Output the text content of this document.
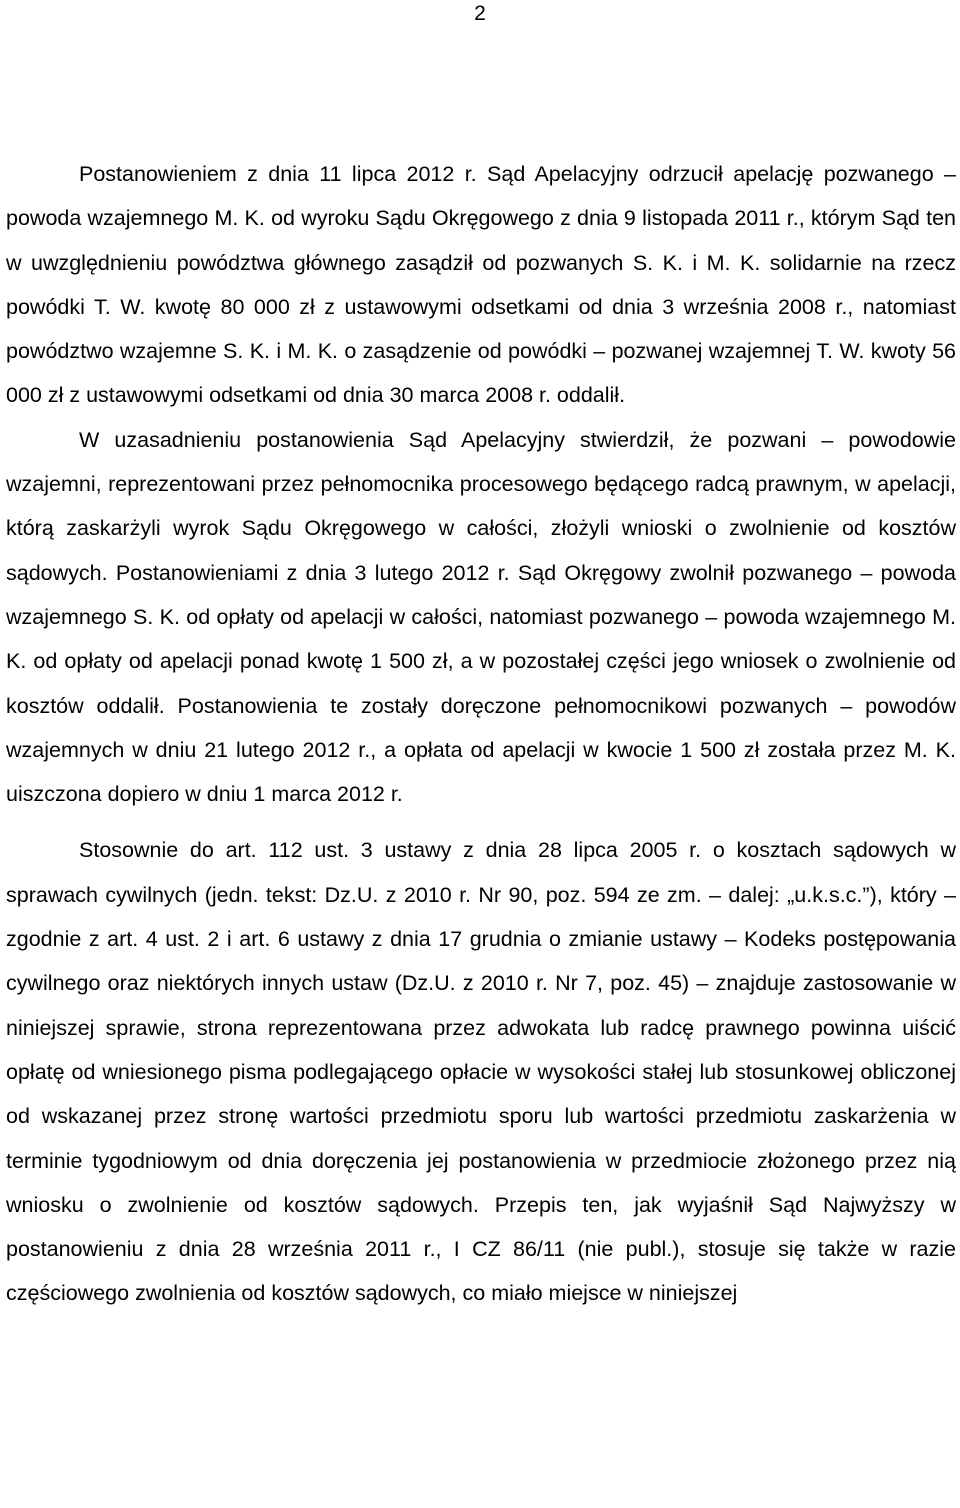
2

Postanowieniem z dnia 11 lipca 2012 r. Sąd Apelacyjny odrzucił apelację pozwanego – powoda wzajemnego M. K. od wyroku Sądu Okręgowego z dnia 9 listopada 2011 r., którym Sąd ten w uwzględnieniu powództwa głównego zasądził od pozwanych S. K. i M. K. solidarnie na rzecz powódki T. W. kwotę 80 000 zł z ustawowymi odsetkami od dnia 3 września 2008 r., natomiast powództwo wzajemne S. K. i M. K. o zasądzenie od powódki – pozwanej wzajemnej T. W. kwoty 56 000 zł z ustawowymi odsetkami od dnia 30 marca 2008 r. oddalił.

W uzasadnieniu postanowienia Sąd Apelacyjny stwierdził, że pozwani – powodowie wzajemni, reprezentowani przez pełnomocnika procesowego będącego radcą prawnym, w apelacji, którą zaskarżyli wyrok Sądu Okręgowego w całości, złożyli wnioski o zwolnienie od kosztów sądowych. Postanowieniami z dnia 3 lutego 2012 r. Sąd Okręgowy zwolnił pozwanego – powoda wzajemnego S. K. od opłaty od apelacji w całości, natomiast pozwanego – powoda wzajemnego M. K. od opłaty od apelacji ponad kwotę 1 500 zł, a w pozostałej części jego wniosek o zwolnienie od kosztów oddalił. Postanowienia te zostały doręczone pełnomocnikowi pozwanych – powodów wzajemnych w dniu 21 lutego 2012 r., a opłata od apelacji w kwocie 1 500 zł została przez M. K. uiszczona dopiero w dniu 1 marca 2012 r.

Stosownie do art. 112 ust. 3 ustawy z dnia 28 lipca 2005 r. o kosztach sądowych w sprawach cywilnych (jedn. tekst: Dz.U. z 2010 r. Nr 90, poz. 594 ze zm. – dalej: „u.k.s.c.”), który – zgodnie z art. 4 ust. 2 i art. 6 ustawy z dnia 17 grudnia o zmianie ustawy – Kodeks postępowania cywilnego oraz niektórych innych ustaw (Dz.U. z 2010 r. Nr 7, poz. 45) – znajduje zastosowanie w niniejszej sprawie, strona reprezentowana przez adwokata lub radcę prawnego powinna uiścić opłatę od wniesionego pisma podlegającego opłacie w wysokości stałej lub stosunkowej obliczonej od wskazanej przez stronę wartości przedmiotu sporu lub wartości przedmiotu zaskarżenia w terminie tygodniowym od dnia doręczenia jej postanowienia w przedmiocie złożonego przez nią wniosku o zwolnienie od kosztów sądowych. Przepis ten, jak wyjaśnił Sąd Najwyższy w postanowieniu z dnia 28 września 2011 r., I CZ 86/11 (nie publ.), stosuje się także w razie częściowego zwolnienia od kosztów sądowych, co miało miejsce w niniejszej
